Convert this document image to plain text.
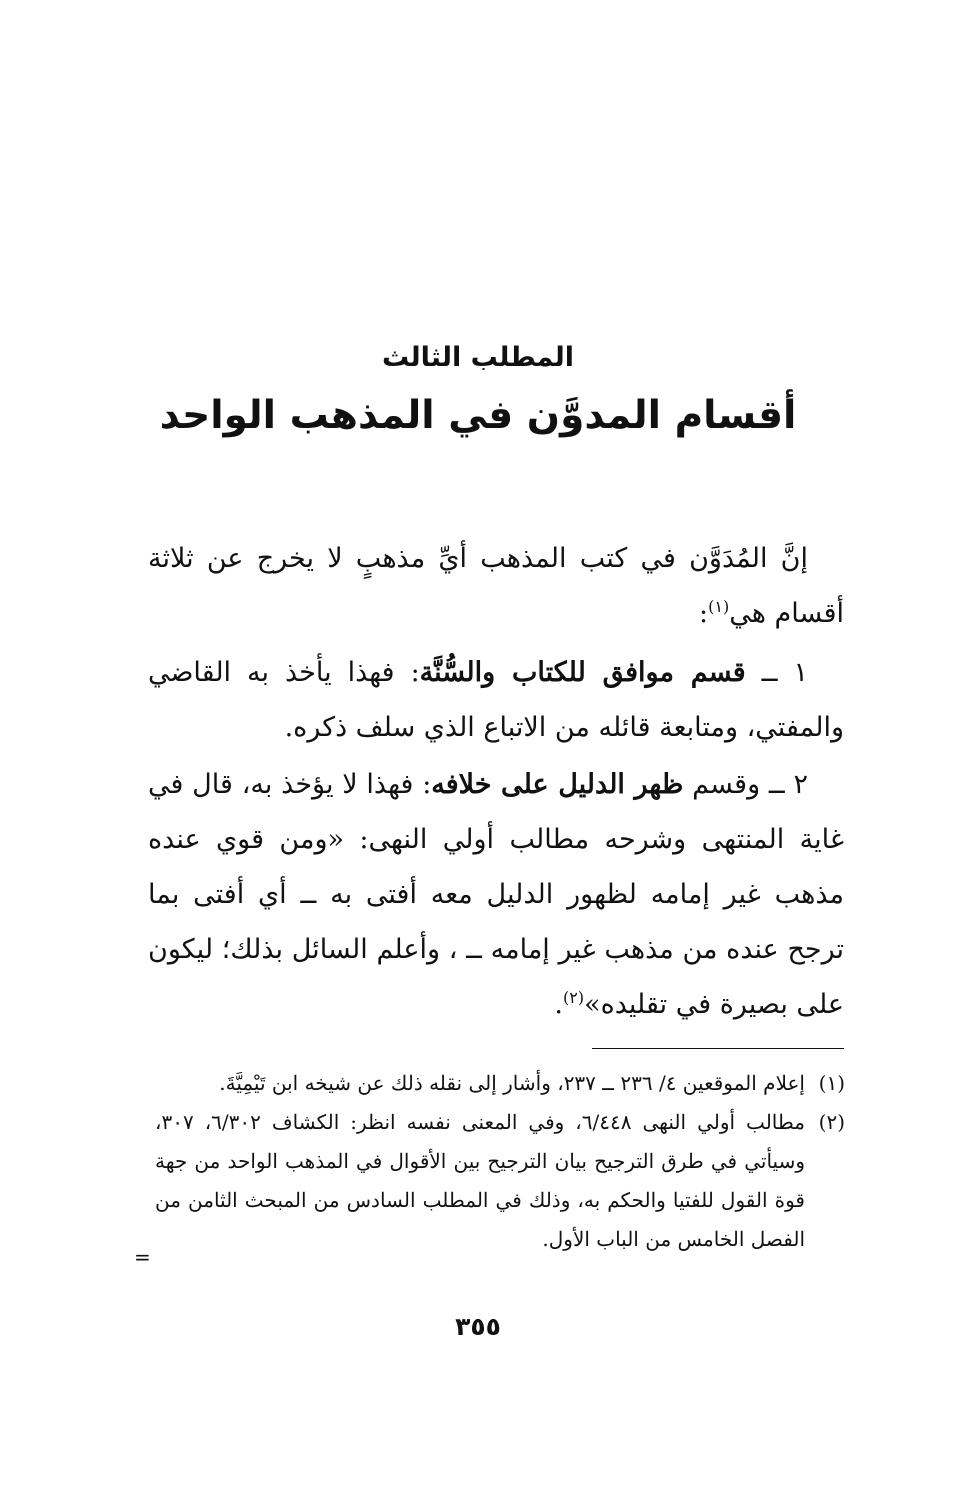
المطلب الثالث
أقسام المدوَّن في المذهب الواحد

إنَّ المُدَوَّن في كتب المذهب أيِّ مذهبٍ لا يخرج عن ثلاثة أقسام هي$^{(١)}$:

١ ــ قسم موافق للكتاب والسُّنَّة: فهذا يأخذ به القاضي والمفتي، ومتابعة قائله من الاتباع الذي سلف ذكره.

٢ ــ وقسم ظهر الدليل على خلافه: فهذا لا يؤخذ به، قال في غاية المنتهى وشرحه مطالب أولي النهى: «ومن قوي عنده مذهب غير إمامه لظهور الدليل معه أفتى به ــ أي أفتى بما ترجح عنده من مذهب غير إمامه ــ ، وأعلم السائل بذلك؛ ليكون على بصيرة في تقليده»$^{(٢)}$.

(١)
إعلام الموقعين ٤/ ٢٣٦ ــ ٢٣٧، وأشار إلى نقله ذلك عن شيخه ابن تَيْمِيَّةَ.
(٢)
مطالب أولي النهى ٦/٤٤٨، وفي المعنى نفسه انظر: الكشاف ٦/٣٠٢، ٣٠٧، وسيأتي في طرق الترجيح بيان الترجيح بين الأقوال في المذهب الواحد من جهة قوة القول للفتيا والحكم به، وذلك في المطلب السادس من المبحث الثامن من الفصل الخامس من الباب الأول.
=
٣٥٥
